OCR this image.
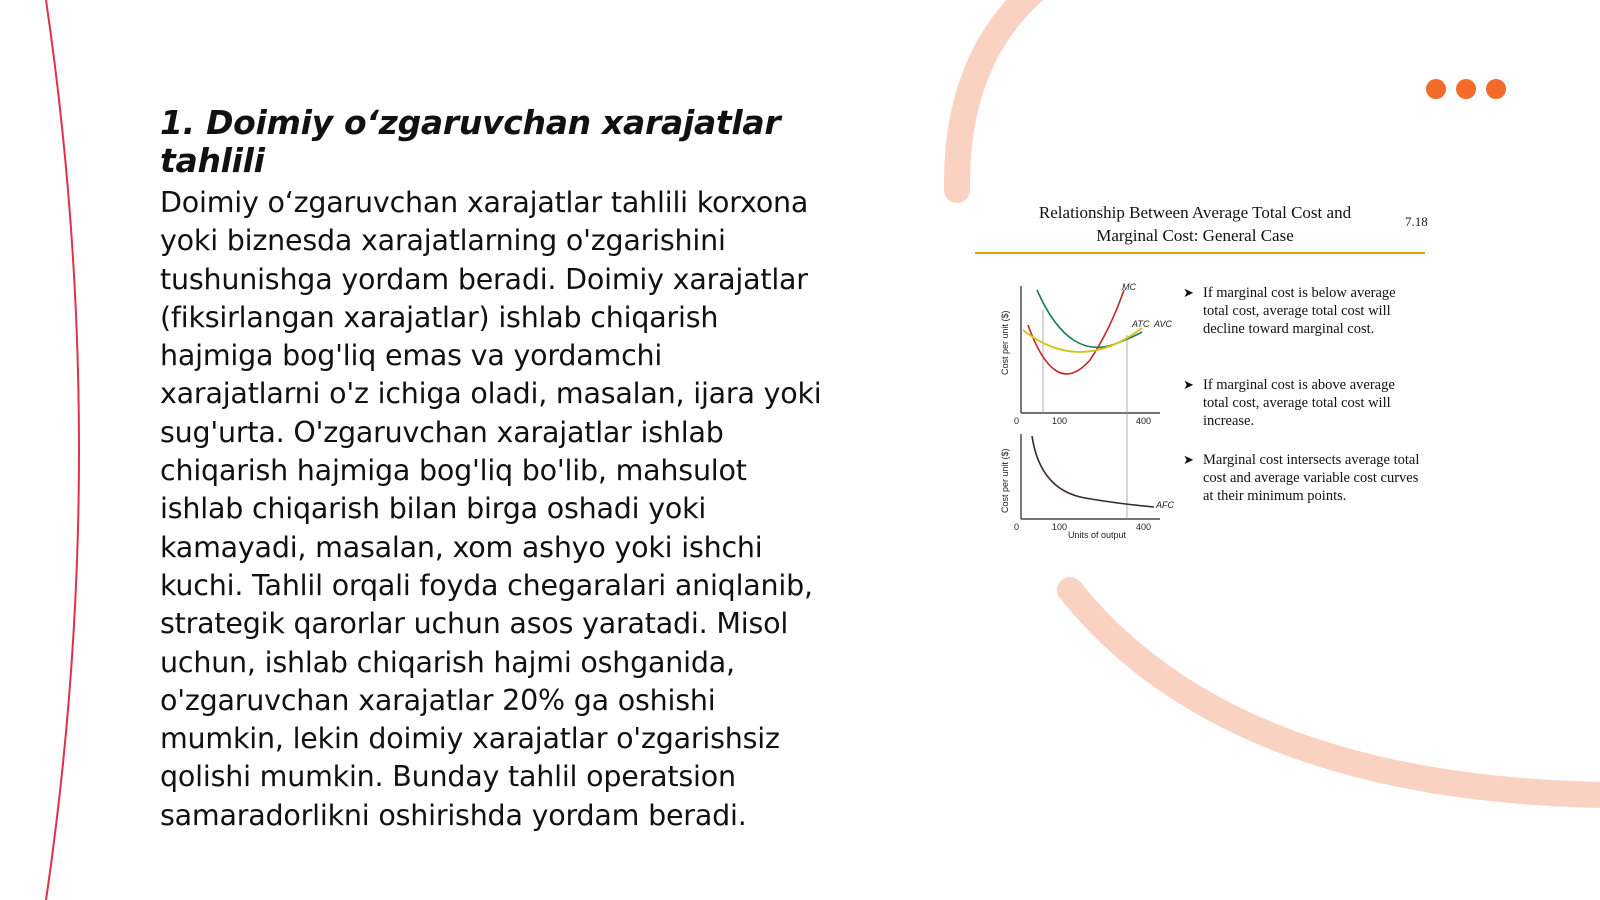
1. Doimiy o‘zgaruvchan xarajatlar tahlili

Doimiy o‘zgaruvchan xarajatlar tahlili korxona yoki biznesda xarajatlarning o'zgarishini tushunishga yordam beradi. Doimiy xarajatlar (fiksirlangan xarajatlar) ishlab chiqarish hajmiga bog'liq emas va yordamchi xarajatlarni o'z ichiga oladi, masalan, ijara yoki sug'urta. O'zgaruvchan xarajatlar ishlab chiqarish hajmiga bog'liq bo'lib, mahsulot ishlab chiqarish bilan birga oshadi yoki kamayadi, masalan, xom ashyo yoki ishchi kuchi. Tahlil orqali foyda chegaralari aniqlanib, strategik qarorlar uchun asos yaratadi. Misol uchun, ishlab chiqarish hajmi oshganida, o'zgaruvchan xarajatlar 20% ga oshishi mumkin, lekin doimiy xarajatlar o'zgarishsiz qolishi mumkin. Bunday tahlil operatsion samaradorlikni oshirishda yordam beradi.

Relationship Between Average Total Cost and
Marginal Cost: General Case
7.18
Cost per unit ($)
0	100	400
MC
ATC AVC
Cost per unit ($)
0	100	400
Units of output
AFC
➤ If marginal cost is below average total cost, average total cost will decline toward marginal cost.
➤ If marginal cost is above average total cost, average total cost will increase.
➤ Marginal cost intersects average total cost and average variable cost curves at their minimum points.
